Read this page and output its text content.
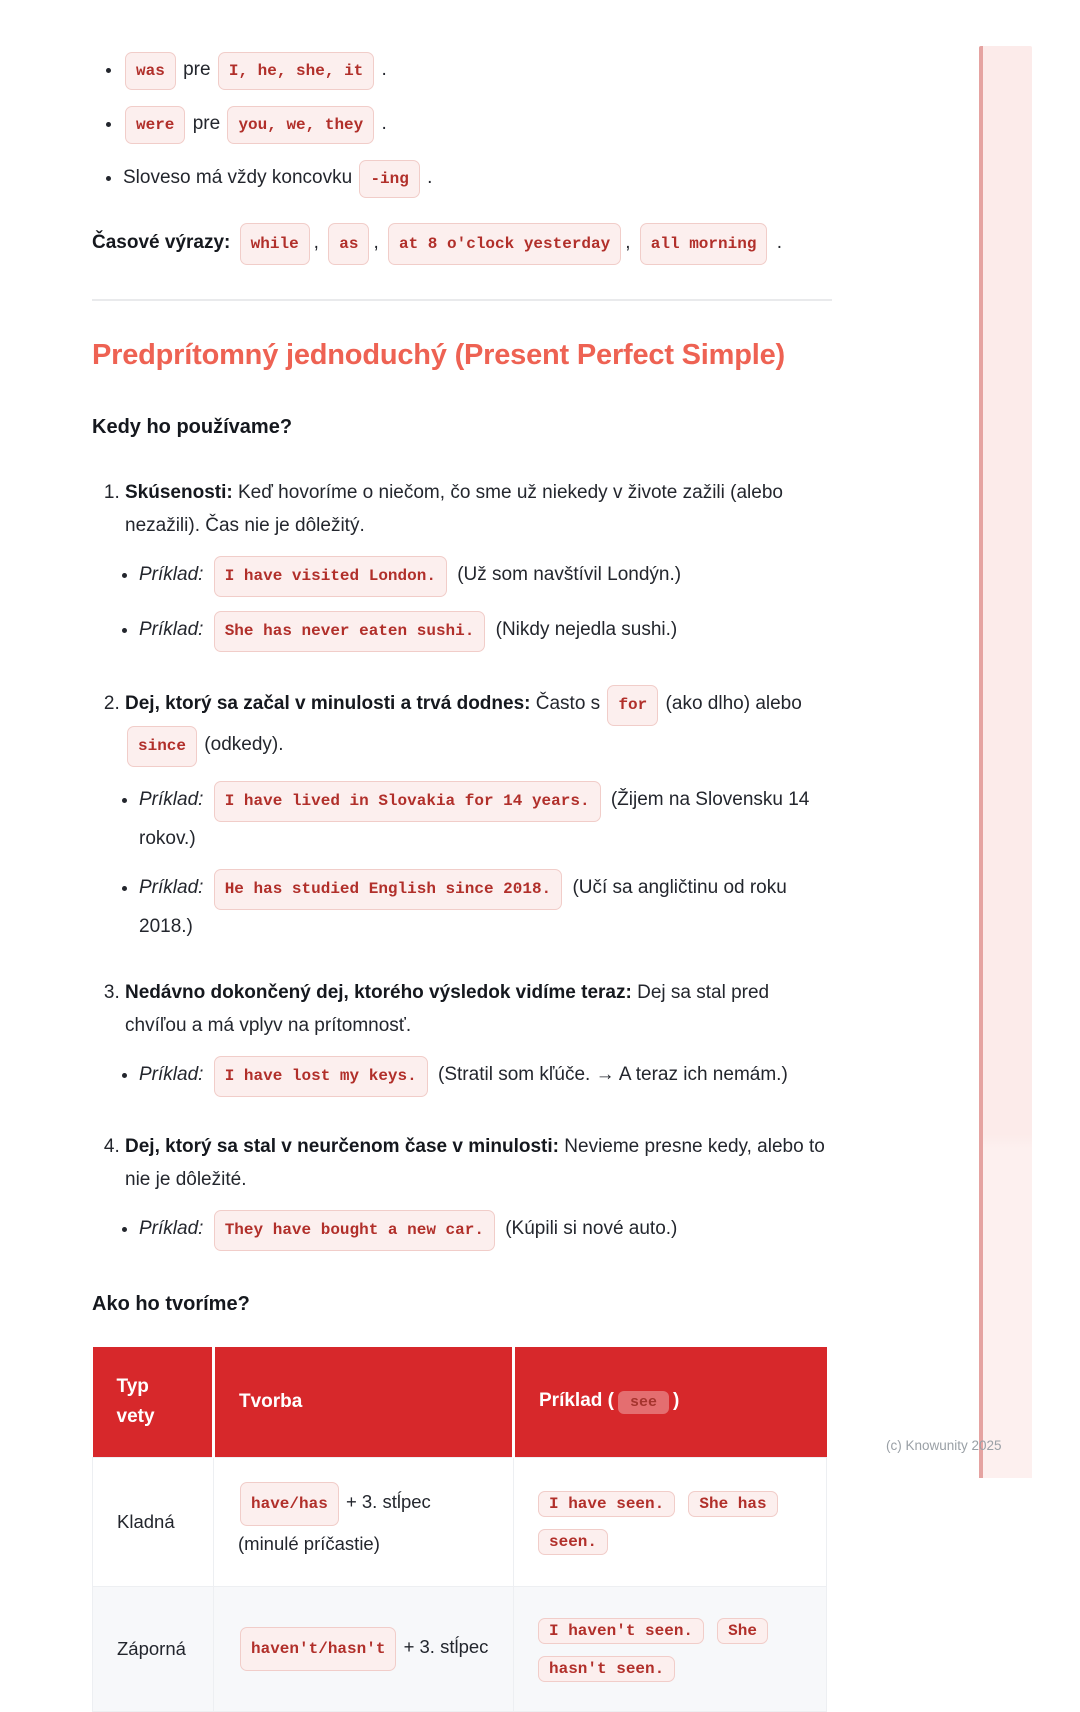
(c) Knowunity 2025
• was pre I, he, she, it .
• were pre you, we, they .
• Sloveso má vždy koncovku -ing .

Časové výrazy: while , as , at 8 o'clock yesterday , all morning .

Predprítomný jednoduchý (Present Perfect Simple)
Kedy ho používame?
1. Skúsenosti: Keď hovoríme o niečom, čo sme už niekedy v živote zažili (alebo nezažili). Čas nie je dôležitý.
• Príklad: I have visited London. (Už som navštívil Londýn.)
• Príklad: She has never eaten sushi. (Nikdy nejedla sushi.)
2. Dej, ktorý sa začal v minulosti a trvá dodnes: Často s for (ako dlho) alebo since (odkedy).
• Príklad: I have lived in Slovakia for 14 years. (Žijem na Slovensku 14 rokov.)
• Príklad: He has studied English since 2018. (Učí sa angličtinu od roku 2018.)
3. Nedávno dokončený dej, ktorého výsledok vidíme teraz: Dej sa stal pred chvíľou a má vplyv na prítomnosť.
• Príklad: I have lost my keys. (Stratil som kľúče. → A teraz ich nemám.)
4. Dej, ktorý sa stal v neurčenom čase v minulosti: Nevieme presne kedy, alebo to nie je dôležité.
• Príklad: They have bought a new car. (Kúpili si nové auto.)
Ako ho tvoríme?
Typ vety	Tvorba	Príklad ( see )
Kladná	have/has + 3. stĺpec (minulé príčastie)	I have seen. She has seen.
Záporná	haven't/hasn't + 3. stĺpec	I haven't seen. She hasn't seen.
